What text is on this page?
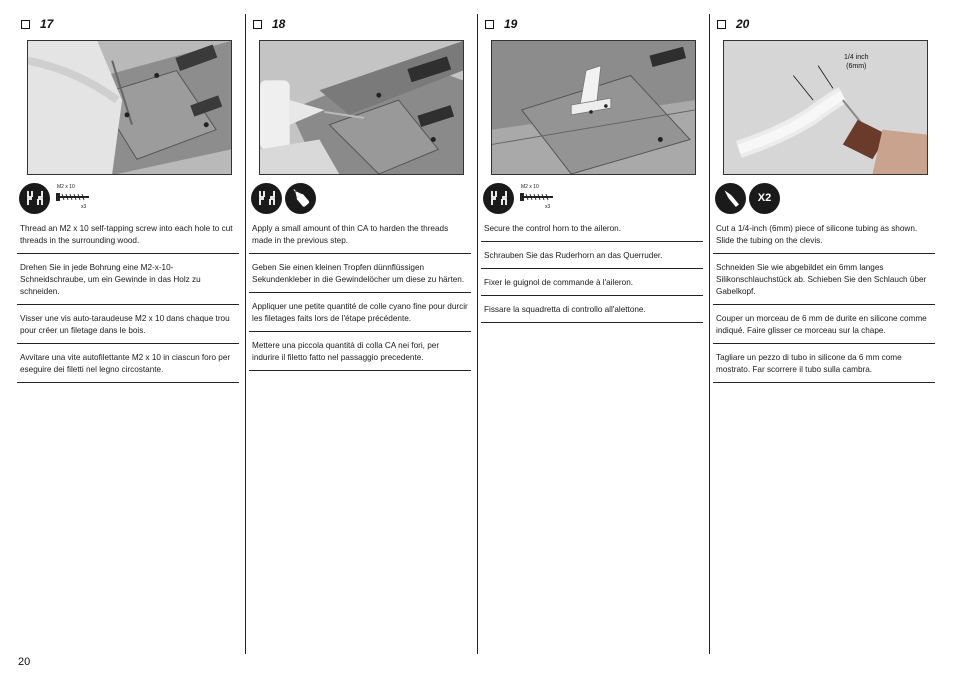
17
M2 x 10
x3

Thread an M2 x 10 self-tapping screw into each hole to cut threads in the surrounding wood.

Drehen Sie in jede Bohrung eine M2-x-10-Schneidschraube, um ein Gewinde in das Holz zu schneiden.

Visser une vis auto-taraudeuse M2 x 10 dans chaque trou pour créer un filetage dans le bois.

Avvitare una vite autofilettante M2 x 10 in ciascun foro per eseguire dei filetti nel legno circostante.

18

Apply a small amount of thin CA to harden the threads made in the previous step.

Geben Sie einen kleinen Tropfen dünnflüssigen Sekundenkleber in die Gewindelöcher um diese zu härten.

Appliquer une petite quantité de colle cyano fine pour durcir les filetages faits lors de l'étape précédente.

Mettere una piccola quantità di colla CA nei fori, per indurire il filetto fatto nel passaggio precedente.

19
M2 x 10
x3

Secure the control horn to the aileron.

Schrauben Sie das Ruderhorn an das Querruder.

Fixer le guignol de commande à l'aileron.

Fissare la squadretta di controllo all'alettone.

20
1/4 inch
(6mm)
X2

Cut a 1/4-inch (6mm) piece of silicone tubing as shown. Slide the tubing on the clevis.

Schneiden Sie wie abgebildet ein 6mm langes Silikonschlauchstück ab. Schieben Sie den Schlauch über Gabelkopf.

Couper un morceau de 6 mm de durite en silicone comme indiqué. Faire glisser ce morceau sur la chape.

Tagliare un pezzo di tubo in silicone da 6 mm come mostrato. Far scorrere il tubo sulla cambra.

20
